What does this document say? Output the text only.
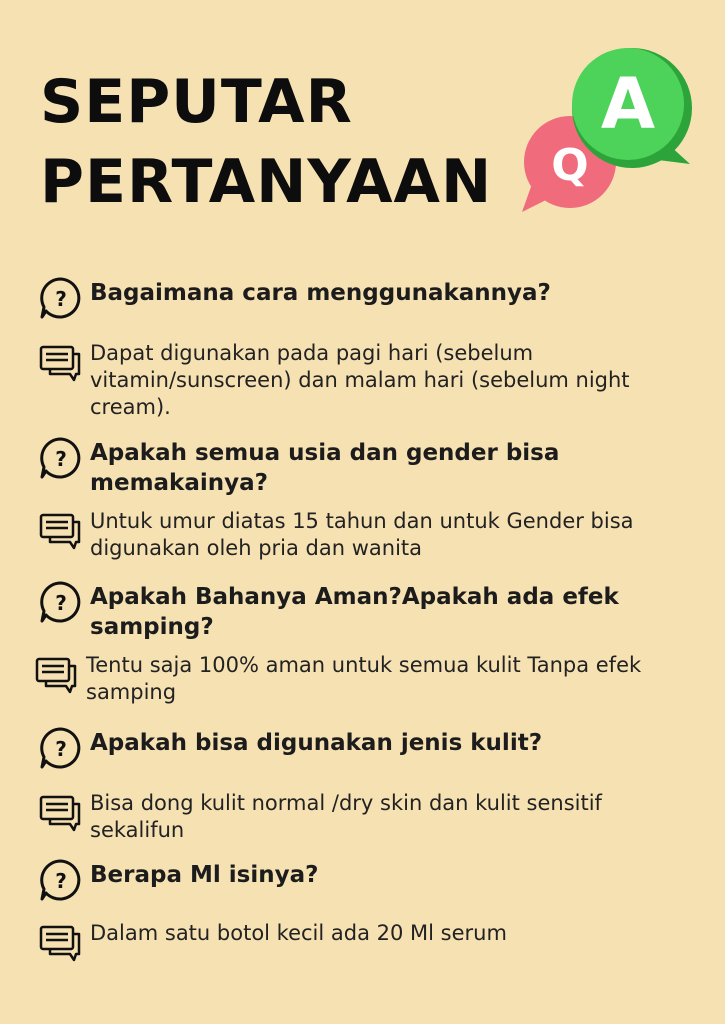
SEPUTAR
PERTANYAAN Q
A
? Bagaimana cara menggunakannya?

Dapat digunakan pada pagi hari (sebelum vitamin/sunscreen) dan malam hari (sebelum night cream).

? Apakah semua usia dan gender bisa memakainya?

Untuk umur diatas 15 tahun dan untuk Gender bisa digunakan oleh pria dan wanita

? Apakah Bahanya Aman?Apakah ada efek samping?

Tentu saja 100% aman untuk semua kulit Tanpa efek samping

? Apakah bisa digunakan jenis kulit?

Bisa dong kulit normal /dry skin dan kulit sensitif sekalifun

? Berapa Ml isinya?

Dalam satu botol kecil ada 20 Ml serum
